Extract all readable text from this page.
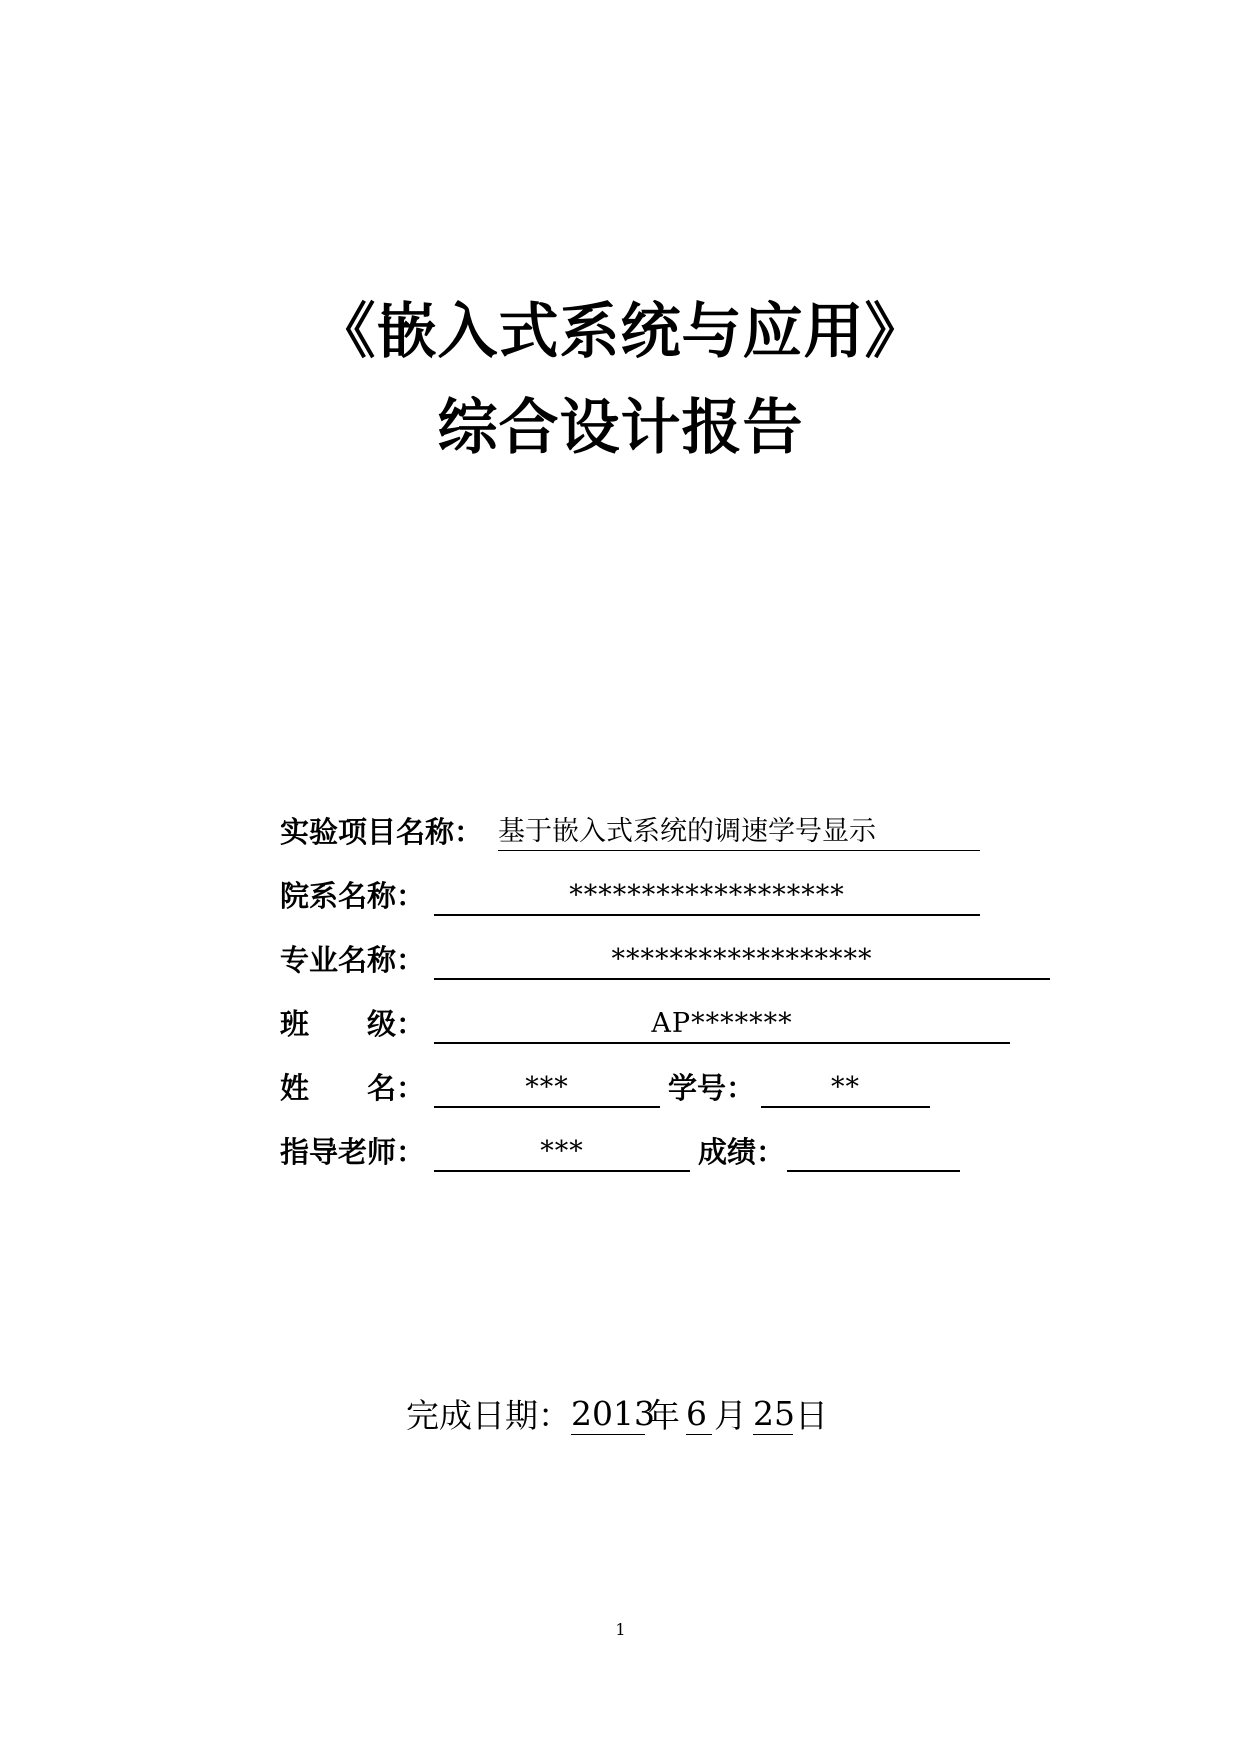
《嵌入式系统与应用》
综合设计报告
实验项目名称： 基于嵌入式系统的调速学号显示
院系名称：	*******************
专业名称：	******************
班　　级：	AP*******
姓　　名：	***	学号：	**
指导老师：	***	成绩：
完成日期： 2013
年 6 月 25 日
1
